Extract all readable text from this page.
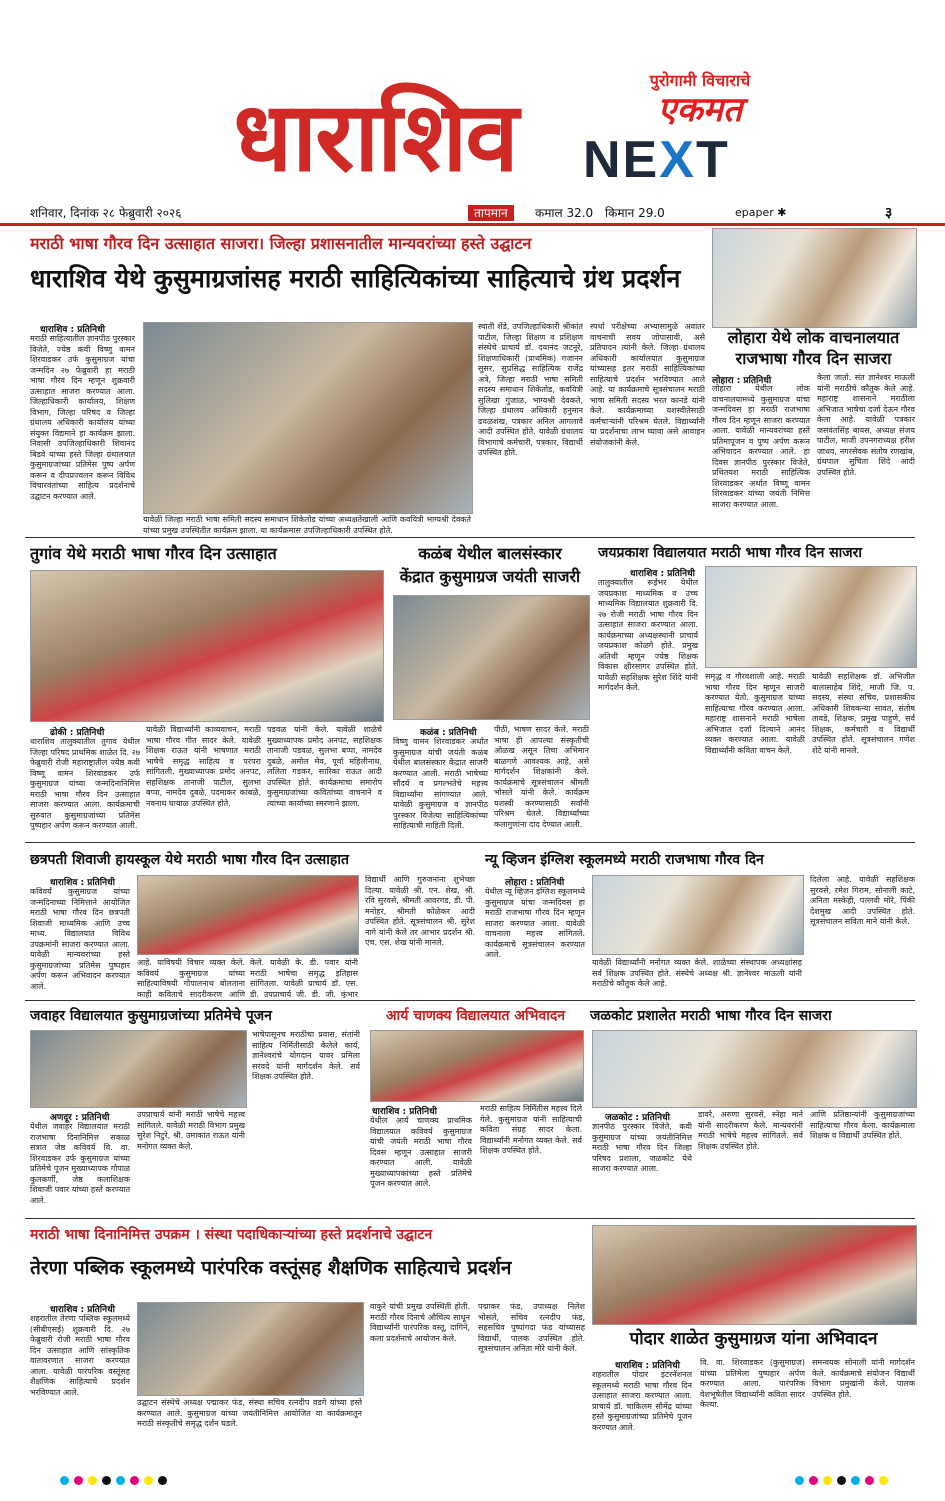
धाराशिव
पुरोगामी विचाराचे
एकमत
NEXT
शनिवार, दिनांक २८ फेब्रुवारी २०२६	तापमान	कमाल 32.0 किमान 29.0	epaper ✱	३
मराठी भाषा गौरव दिन उत्साहात साजरा। जिल्हा प्रशासनातील मान्यवरांच्या हस्ते उद्घाटन
धाराशिव येथे कुसुमाग्रजांसह मराठी साहित्यिकांच्या साहित्याचे ग्रंथ प्रदर्शन
धाराशिव : प्रतिनिधी
मराठी साहित्यातील ज्ञानपीठ पुरस्कार विजेते, ज्येष्ठ कवी विष्णु वामन शिरवाडकर उर्फ कुसुमाग्रज यांचा जन्मदिन २७ फेब्रुवारी हा मराठी भाषा गौरव दिन म्हणून शुक्रवारी उत्साहात साजरा करण्यात आला. जिल्हाधिकारी कार्यालय, शिक्षण विभाग, जिल्हा परिषद व जिल्हा ग्रंथालय अधिकारी कार्यालय यांच्या संयुक्त विद्यमाने हा कार्यक्रम झाला. निवासी उपजिल्हाधिकारी शिवानंद बिडवे यांच्या हस्ते जिल्हा ग्रंथालयात कुसुमाग्रजांच्या प्रतिमेस पुष्प अर्पण करून व दीपप्रज्वलन करून विविध विचारवंतांच्या साहित्य प्रदर्शनाचे उद्घाटन करण्यात आले.
यावेळी जिल्हा मराठी भाषा समिती सदस्य समाधान शिकेतोड यांच्या अध्यक्षतेखाली आणि कवयित्री भाग्यश्री देवकते यांच्या प्रमुख उपस्थितीत कार्यक्रम झाला. या कार्यक्रमास उपजिल्हाधिकारी उपस्थित होते.
स्वाती शेंडे, उपजिल्हाधिकारी श्रीकांत पाटील, जिल्हा शिक्षण व प्रशिक्षण संस्थेचे प्राचार्य डॉ. दयानंद जटनूरे, शिक्षणाधिकारी (प्राथमिक) गजानन सुसर, सुप्रसिद्ध साहित्यिक राजेंद्र अत्रे, जिल्हा मराठी भाषा समिती सदस्य समाधान शिकेतोड, कवयित्री सुलिखा गुंजाळ, भाग्यश्री देवकते, जिल्हा ग्रंथालय अधिकारी हनुमान ढवळशंख, पत्रकार अनिल आगलावे आदी उपस्थित होते. यावेळी ग्रंथालय विभागाचे कर्मचारी, पत्रकार, विद्यार्थी उपस्थित होते.
स्पर्धा परीक्षेच्या अभ्यासामुळे अवांतर वाचनाची सवय जोपासावी, असे प्रतिपादन त्यांनी केले. जिल्हा ग्रंथालय अधिकारी कार्यालयात कुसुमाग्रज यांच्यासह इतर मराठी साहित्यिकांच्या साहित्याचे प्रदर्शन भरविण्यात आले आहे. या कार्यक्रमाचे सूत्रसंचालन मराठी भाषा समिती सदस्य भरत कानडे यांनी केले. कार्यक्रमाच्या यशस्वीतेसाठी कर्मचाऱ्यांनी परिश्रम घेतले. विद्यार्थ्यांनी या प्रदर्शनाचा लाभ घ्यावा असे आवाहन संयोजकांनी केले.
लोहारा येथे लोक वाचनालयात
राजभाषा गौरव दिन साजरा
लोहारा : प्रतिनिधी
लोहारा येथील लोक वाचनालयामध्ये कुसुमाग्रज यांचा जन्मदिवस हा मराठी राजभाषा गौरव दिन म्हणून साजरा करण्यात आला. यावेळी मान्यवरांच्या हस्ते प्रतिमापूजन व पुष्प अर्पण करून अभिवादन करण्यात आले. हा दिवस ज्ञानपीठ पुरस्कार विजेते, प्रथितयश मराठी साहित्यिक शिरवाडकर अर्थात विष्णू वामन शिरवाडकर यांच्या जयंती निमित्त साजरा करण्यात आला.
केला जातो. संत ज्ञानेश्वर माऊली यांनी मराठीचे कौतुक केले आहे. महाराष्ट्र शासनाने मराठीला अभिजात भाषेचा दर्जा देऊन गौरव केला आहे. यावेळी पत्रकार जसवंतसिंह बायस, अध्यक्ष संजय पाटील, माजी उपनगराध्यक्ष हरीश जाधव, नगरसेवक संतोष रणखांब, ग्रंथपाल सुचिता शिंदे आदी उपस्थित होते.
तुगांव येथे मराठी भाषा गौरव दिन उत्साहात
ढोकी : प्रतिनिधी
धाराशिव तालुक्यातील तुगाव येथील जिल्हा परिषद प्राथमिक शाळेत दि. २७ फेब्रुवारी रोजी महाराष्ट्रातील ज्येष्ठ कवी विष्णू वामन शिरवाडकर उर्फ कुसुमाग्रज यांच्या जन्मदिनानिमित्त मराठी भाषा गौरव दिन उत्साहात साजरा करण्यात आला. कार्यक्रमाची सुरुवात कुसुमाग्रजांच्या प्रतिमेस पुष्पहार अर्पण करून करण्यात आली.
यावेळी विद्यार्थ्यांनी काव्यवाचन, मराठी भाषा गौरव गीत सादर केले. यावेळी शिक्षक राऊत यांनी भाषणात मराठी भाषेचे समृद्ध साहित्य व परंपरा सांगितली. मुख्याध्यापक प्रमोद अनपट, सहशिक्षक तानाजी पाटील, सुलभा बप्पा, नामदेव दुबळे, पदमाकर कांबळे, नवनाथ घायाळ उपस्थित होते.
पडवळ यांनी केले. यावेळी शाळेचे मुख्याध्यापक प्रमोद अनपट, सहशिक्षक तानाजी पडवळ, सुलभा बप्पा, नामदेव दुबळे, अमोल मेव, पूर्वा महिलीनाथ, ललिता गडकर, सारिका राऊत आदी उपस्थित होते. कार्यक्रमाचा समारोप कुसुमाग्रजांच्या कवितांच्या वाचनाने व त्यांच्या कार्याच्या स्मरणाने झाला.
कळंब येथील बालसंस्कार
केंद्रात कुसुमाग्रज जयंती साजरी
कळंब : प्रतिनिधी
विष्णु वामन शिरवाडकर अर्थात कुसुमाग्रज यांची जयंती कळंब येथील बालसंस्कार केंद्रात साजरी करण्यात आली. मराठी भाषेच्या सौंदर्य व प्रगल्भतेचे महत्त्व विद्यार्थ्यांना सांगण्यात आले. यावेळी कुसुमाग्रज व ज्ञानपीठ पुरस्कार विजेत्या साहित्यिकांच्या साहित्याची माहिती दिली.
पीठी, भाषण सादर केले. मराठी भाषा ही आपल्या संस्कृतीची ओळख असून तिचा अभिमान बाळगणे आवश्यक आहे, असे मार्गदर्शन शिक्षकांनी केले. कार्यक्रमाचे सूत्रसंचालन श्रीमती भोसले यांनी केले. कार्यक्रम यशस्वी करण्यासाठी सर्वांनी परिश्रम घेतले. विद्यार्थ्यांच्या कलागुणांना दाद देण्यात आली.
जयप्रकाश विद्यालयात मराठी भाषा गौरव दिन साजरा
धाराशिव : प्रतिनिधी
तालुक्यातील रूईभर येथील जयप्रकाश माध्यमिक व उच्च माध्यमिक विद्यालयात शुक्रवारी दि. २७ रोजी मराठी भाषा गौरव दिन उत्साहात साजरा करण्यात आला. कार्यक्रमाच्या अध्यक्षस्थानी प्राचार्य जयप्रकाश कोळगे होते. प्रमुख अतिथी म्हणून ज्येष्ठ शिक्षक विकास क्षीरसागर उपस्थित होते. यावेळी सहशिक्षक सुरेश शिंदे यांनी मार्गदर्शन केले.
समृद्ध व गौरवशाली आहे. मराठी भाषा गौरव दिन म्हणून साजरी करण्यात येतो. कुसुमाग्रज यांच्या साहित्याचा गौरव करण्यात आला. महाराष्ट्र शासनाने मराठी भाषेला अभिजात दर्जा दिल्याने आनंद व्यक्त करण्यात आला. यावेळी विद्यार्थ्यांनी कविता वाचन केले.
यावेळी सहशिक्षक डॉ. अभिजीत बालासाहेब शिंदे, माजी जि. प. सदस्य, संस्था सचिव, प्रशासकीय अधिकारी शिवकन्या सावंत, संतोष तावडे, शिक्षक, प्रमुख पाहुणे, सर्व शिक्षक, कर्मचारी व विद्यार्थी उपस्थित होते. सूत्रसंचालन गणेश शेटे यांनी मानले.
छत्रपती शिवाजी हायस्कूल येथे मराठी भाषा गौरव दिन उत्साहात
धाराशिव : प्रतिनिधी
कविवर्य कुसुमाग्रज यांच्या जन्मदिनाच्या निमित्ताने आयोजित मराठी भाषा गौरव दिन छत्रपती शिवाजी माध्यमिक आणि उच्च माध्य. विद्यालयात विविध उपक्रमांनी साजरा करण्यात आला. यावेळी मान्यवरांच्या हस्ते कुसुमाग्रजांच्या प्रतिमेस पुष्पहार अर्पण करून अभिवादन करण्यात आले.
आहे. याविषयी विचार व्यक्त केले. कविवर्य कुसुमाग्रज यांच्या साहित्याविषयी गोपालनाथ बोलताना काही कविताचे सादरीकरण आणि
केले. यावेळी के. डी. पवार यांनी मराठी भाषेचा समृद्ध इतिहास सांगितला. यावेळी प्राचार्य डॉ. एस. डी. उपप्राचार्य जी. डी. जी. कुंभार
विद्यार्थी आणि गुरुजनांना शुभेच्छा दिल्या. यावेळी श्री. एन. शेख, श्री. रवि सुरवसे, श्रीमती आवरगड, डी. पी. मनोहर, श्रीमती कोळेकर आदी उपस्थित होते. सूत्रसंचालन श्री. सुरेश नागे यांनी केले तर आभार प्रदर्शन श्री. एच. एस. शेख यांनी मानले.
न्यू व्हिजन इंग्लिश स्कूलमध्ये मराठी राजभाषा गौरव दिन
लोहारा : प्रतिनिधी
येथील न्यू व्हिजन इंग्लिश स्कूलमध्ये कुसुमाग्रज यांचा जन्मदिवस हा मराठी राजभाषा गौरव दिन म्हणून साजरा करण्यात आला. यावेळी वाचनाला महत्त्व सांगितले. कार्यक्रमाचे सूत्रसंचालन करण्यात आले.
यावेळी विद्यार्थ्यांनी मनोगत व्यक्त केले. शाळेच्या संस्थापक अध्यक्षांसह सर्व शिक्षक उपस्थित होते. संस्थेचे अध्यक्ष श्री. ज्ञानेश्वर माऊली यांनी मराठीचे कौतुक केले आहे.
दिलेला आहे. यावेळी सहशिक्षक सुरवसे, रमेश गिराम, सोनाली काटे, अनिता मस्केही, पल्लवी मोरे, पिंकी देशमुख आदी उपस्थित होते. सूत्रसंचालन सविता माने यांनी केले.
जवाहर विद्यालयात कुसुमाग्रजांच्या प्रतिमेचे पूजन
अणदूर : प्रतिनिधी
येथील जवाहर विद्यालयात मराठी राजभाषा दिनानिमित्त सकाळ सत्रात जेष्ठ कविवर्य वि. वा. शिरवाडकर उर्फ कुसुमाग्रज यांच्या प्रतिमेचे पूजन मुख्याध्यापक गोपाळ कुलकर्णी, जेष्ठ कलाशिक्षक शिवाजी पवार यांच्या हस्ते करण्यात आले.
भाषेपासूनच मराठीचा प्रवास, संतांनी साहित्य निर्मितीसाठी केलेले कार्य, ज्ञानेश्वरांचे योगदान यावर प्रमिला सरवदे यांनी मार्गदर्शन केले. सर्व शिक्षक उपस्थित होते.
उपप्राचार्य यांनी मराठी भाषेचे महत्त्व सांगितले. यावेळी मराठी विभाग प्रमुख सुरेश निटुरे, श्री. उमाकांत राऊत यांनी मनोगत व्यक्त केले.
आर्य चाणक्य विद्यालयात अभिवादन
धाराशिव : प्रतिनिधी
येथील आर्य चाणक्य प्राथमिक विद्यालयात कविवर्य कुसुमाग्रज यांची जयंती मराठी भाषा गौरव दिवस म्हणून उत्साहात साजरी करण्यात आली. यावेळी मुख्याध्यापकांच्या हस्ते प्रतिमेचे पूजन करण्यात आले.
मराठी साहित्य निर्मितीस महत्त्व दिले गेले. कुसुमाग्रज यांनी साहित्याची कविता संग्रह सादर केला. विद्यार्थ्यांनी मनोगत व्यक्त केले. सर्व शिक्षक उपस्थित होते.
जळकोट प्रशालेत मराठी भाषा गौरव दिन साजरा
जळकोट : प्रतिनिधी
ज्ञानपीठ पुरस्कार विजेते, कवी कुसुमाग्रज यांच्या जयंतीनिमित्त मराठी भाषा गौरव दिन जिल्हा परिषद प्रशाला, जळकोट येथे साजरा करण्यात आला.
डावरे, अरुणा सुरवसे, स्नेहा माने यांनी सादरीकरण केले. मान्यवरांनी मराठी भाषेचे महत्त्व सांगितले. सर्व शिक्षक उपस्थित होते.
आणि प्रतिष्ठान्यांनी कुसुमाग्रजांच्या साहित्याचा गौरव केला. कार्यक्रमाला शिक्षक व विद्यार्थी उपस्थित होते.
मराठी भाषा दिनानिमित्त उपक्रम । संस्था पदाधिकाऱ्यांच्या हस्ते प्रदर्शनाचे उद्घाटन
तेरणा पब्लिक स्कूलमध्ये पारंपरिक वस्तूंसह शैक्षणिक साहित्याचे प्रदर्शन
धाराशिव : प्रतिनिधी
शहरातील तेरणा पब्लिक स्कूलमध्ये (सीबीएसई) शुक्रवारी दि. २७ फेब्रुवारी रोजी मराठी भाषा गौरव दिन उत्साहात आणि सांस्कृतिक वातावरणात साजरा करण्यात आला. यावेळी पारंपरिक वस्तूंसह शैक्षणिक साहित्याचे प्रदर्शन भरविण्यात आले.
उद्घाटन संस्थेचे अध्यक्ष पद्माकर फंड, संस्था सचिव रत्नदीप वडगे यांच्या हस्ते करण्यात आले. कुसुमाग्रज यांच्या जयंतीनिमित्त आयोजित या कार्यक्रमातून मराठी संस्कृतीचे समृद्ध दर्शन घडले.
वाकुरे यांची प्रमुख उपस्थिती होती. मराठी गौरव दिनाचे औचित्य साधून विद्यार्थ्यांनी पारंपरिक वस्तू, दागिने, कला प्रदर्शनाचे आयोजन केले.
पद्माकर फंड, उपाध्यक्ष निलेश भोसले, सचिव रत्नदीप फंड, सहसचिव पुष्पांगदा फंड यांच्यासह विद्यार्थी, पालक उपस्थित होते. सूत्रसंचालन अनिता मोरे यांनी केले.	पोदार शाळेत कुसुमाग्रज यांना अभिवादन
धाराशिव : प्रतिनिधी
शहरातील पोदार इंटरनॅशनल स्कूलमध्ये मराठी भाषा गौरव दिन उत्साहात साजरा करण्यात आला. प्राचार्य डॉ. चाकिलम सौमेंद्र यांच्या हस्ते कुसुमाग्रजांच्या प्रतिमेचे पूजन करण्यात आले.
वि. वा. शिरवाडकर (कुसुमाग्रज) यांच्या प्रतिमेला पुष्पहार अर्पण करण्यात आला. पारंपरिक वेशभूषेतील विद्यार्थ्यांनी कविता सादर केल्या.
समन्वयक सोनाली यांनी मार्गदर्शन केले. कार्यक्रमाचे संयोजन विद्यार्थी विभाग प्रमुखांनी केले. पालक उपस्थित होते.
